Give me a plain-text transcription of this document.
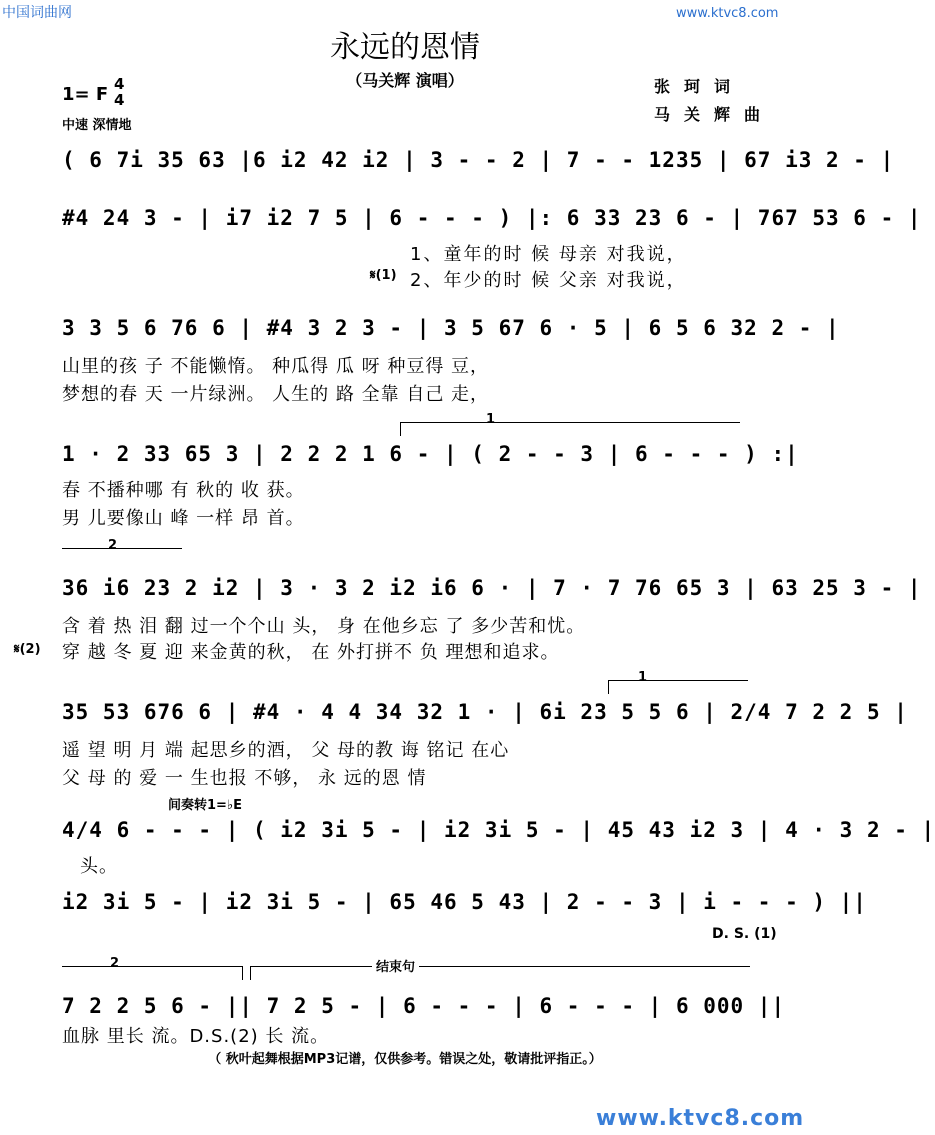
中国词曲网	www.ktvc8.com
www.ktvc8.com
永远的恩情
（马关辉 演唱）	张珂词
马关辉曲
1= F 4
4
中速 深情地
( 6 7i 35 63 |6 i2 42 i2 | 3 - - 2 | 7 - - 1235 | 67 i3 2 - |
#4 24 3 - | i7 i2 7 5 | 6 - - - ) |: 6 33 23 6 - | 767 53 6 - |
1、童年的时 候 母亲 对我说，
𝄋(1) 2、年少的时 候 父亲 对我说，
3 3 5 6 76 6 | #4 3 2 3 - | 3 5 67 6 · 5 | 6 5 6 32 2 - |
山里的孩 子 不能懒惰。 种瓜得 瓜 呀 种豆得 豆，
梦想的春 天 一片绿洲。 人生的 路 全靠 自己 走，
1
1 · 2 33 65 3 | 2 2 2 1 6 - | ( 2 - - 3 | 6 - - - ) :|
春 不播种哪 有 秋的 收 获。
男 儿要像山 峰 一样 昂 首。
2
36 i6 23 2 i2 | 3 · 3 2 i2 i6 6 · | 7 · 7 76 65 3 | 63 25 3 - |
含 着 热 泪 翻 过一个个山 头， 身 在他乡忘 了 多少苦和忧。
𝄋(2) 穿 越 冬 夏 迎 来金黄的秋， 在 外打拼不 负 理想和追求。
1
35 53 676 6 | #4 · 4 4 34 32 1 · | 6i 23 5 5 6 | 2/4 7 2 2 5 |
遥 望 明 月 端 起思乡的酒， 父 母的教 诲 铭记 在心
父 母 的 爱 一 生也报 不够， 永 远的恩 情
间奏转1=♭E
4/4 6 - - - | ( i2 3i 5 - | i2 3i 5 - | 45 43 i2 3 | 4 · 3 2 - |
头。
i2 3i 5 - | i2 3i 5 - | 65 46 5 43 | 2 - - 3 | i - - - ) ||
D. S. (1)
2	结束句
7 2 2 5 6 - || 7 2 5 - | 6 - - - | 6 - - - | 6 000 ||
血脉 里长 流。D.S.(2) 长 流。
（ 秋叶起舞根据MP3记谱，仅供参考。错误之处，敬请批评指正。）
